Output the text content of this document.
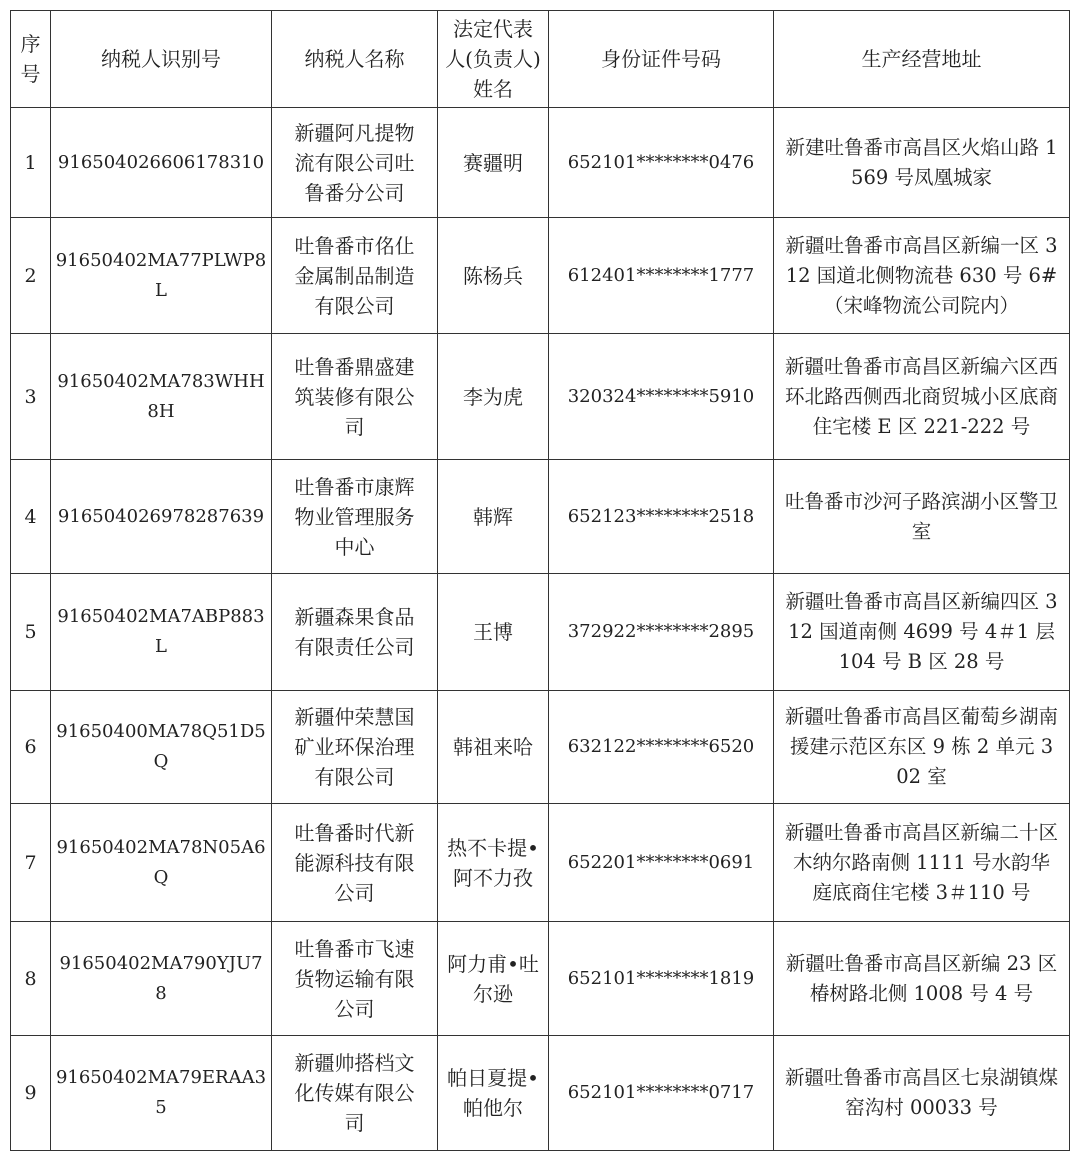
序号	纳税人识别号	纳税人名称	法定代表人(负责人)姓名	身份证件号码	生产经营地址
1	916504026606178310	新疆阿凡提物流有限公司吐鲁番分公司	赛疆明	652101********0476	新建吐鲁番市高昌区火焰山路 1569 号凤凰城家
2	91650402MA77PLWP8L	吐鲁番市佲仩金属制品制造有限公司	陈杨兵	612401********1777	新疆吐鲁番市高昌区新编一区 312 国道北侧物流巷 630 号 6#（宋峰物流公司院内）
3	91650402MA783WHH8H	吐鲁番鼎盛建筑装修有限公司	李为虎	320324********5910	新疆吐鲁番市高昌区新编六区西环北路西侧西北商贸城小区底商住宅楼 E 区 221-222 号
4	916504026978287639	吐鲁番市康辉物业管理服务中心	韩辉	652123********2518	吐鲁番市沙河子路滨湖小区警卫室
5	91650402MA7ABP883L	新疆森果食品有限责任公司	王博	372922********2895	新疆吐鲁番市高昌区新编四区 312 国道南侧 4699 号 4＃1 层 104 号 B 区 28 号
6	91650400MA78Q51D5Q	新疆仲荣慧国矿业环保治理有限公司	韩祖来哈	632122********6520	新疆吐鲁番市高昌区葡萄乡湖南援建示范区东区 9 栋 2 单元 302 室
7	91650402MA78N05A6Q	吐鲁番时代新能源科技有限公司	热不卡提•阿不力孜	652201********0691	新疆吐鲁番市高昌区新编二十区木纳尔路南侧 1111 号水韵华庭底商住宅楼 3＃110 号
8	91650402MA790YJU78	吐鲁番市飞速货物运输有限公司	阿力甫•吐尔逊	652101********1819	新疆吐鲁番市高昌区新编 23 区椿树路北侧 1008 号 4 号
9	91650402MA79ERAA35	新疆帅搭档文化传媒有限公司	帕日夏提•帕他尔	652101********0717	新疆吐鲁番市高昌区七泉湖镇煤窑沟村 00033 号
